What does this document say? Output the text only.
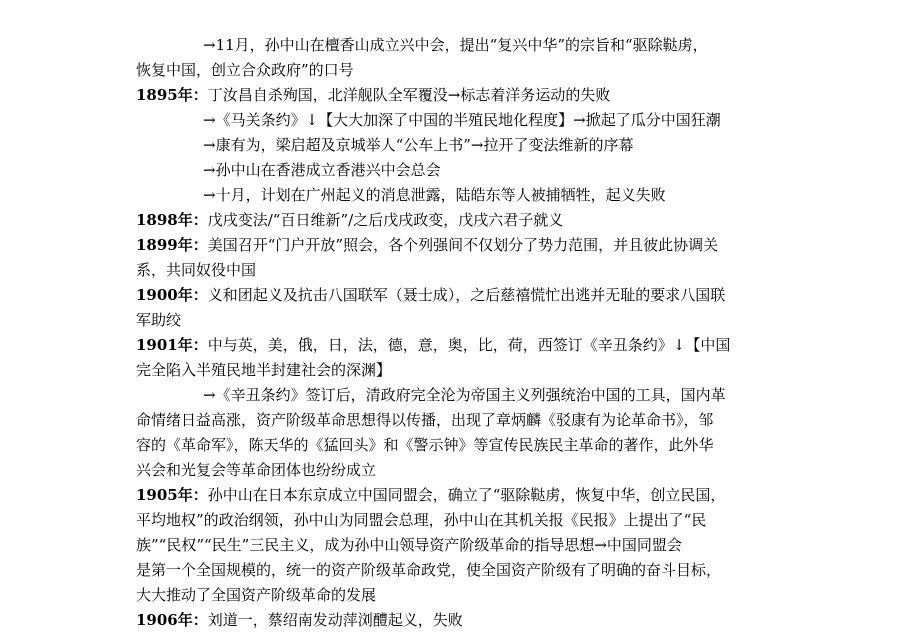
→11月，孙中山在檀香山成立兴中会，提出“复兴中华”的宗旨和“驱除鞑虏，
恢复中国，创立合众政府”的口号
1895年：丁汝昌自杀殉国，北洋舰队全军覆没→标志着洋务运动的失败
→《马关条约》↓【大大加深了中国的半殖民地化程度】→掀起了瓜分中国狂潮
→康有为，梁启超及京城举人“公车上书”→拉开了变法维新的序幕
→孙中山在香港成立香港兴中会总会
→十月，计划在广州起义的消息泄露，陆皓东等人被捕牺牲，起义失败
1898年：戊戌变法/“百日维新”/之后戊戌政变，戊戌六君子就义
1899年：美国召开“门户开放”照会，各个列强间不仅划分了势力范围，并且彼此协调关
系，共同奴役中国
1900年：义和团起义及抗击八国联军（聂士成），之后慈禧慌忙出逃并无耻的要求八国联
军助绞
1901年：中与英，美，俄，日，法，德，意，奥，比，荷，西签订《辛丑条约》↓【中国
完全陷入半殖民地半封建社会的深渊】
→《辛丑条约》签订后，清政府完全沦为帝国主义列强统治中国的工具，国内革
命情绪日益高涨，资产阶级革命思想得以传播，出现了章炳麟《驳康有为论革命书》，邹
容的《革命军》，陈天华的《猛回头》和《警示钟》等宣传民族民主革命的著作，此外华
兴会和光复会等革命团体也纷纷成立
1905年：孙中山在日本东京成立中国同盟会，确立了“驱除鞑虏，恢复中华，创立民国，
平均地权”的政治纲领，孙中山为同盟会总理，孙中山在其机关报《民报》上提出了“民
族”“民权”“民生”三民主义，成为孙中山领导资产阶级革命的指导思想→中国同盟会
是第一个全国规模的，统一的资产阶级革命政党，使全国资产阶级有了明确的奋斗目标，
大大推动了全国资产阶级革命的发展
1906年：刘道一，蔡绍南发动萍浏醴起义，失败
